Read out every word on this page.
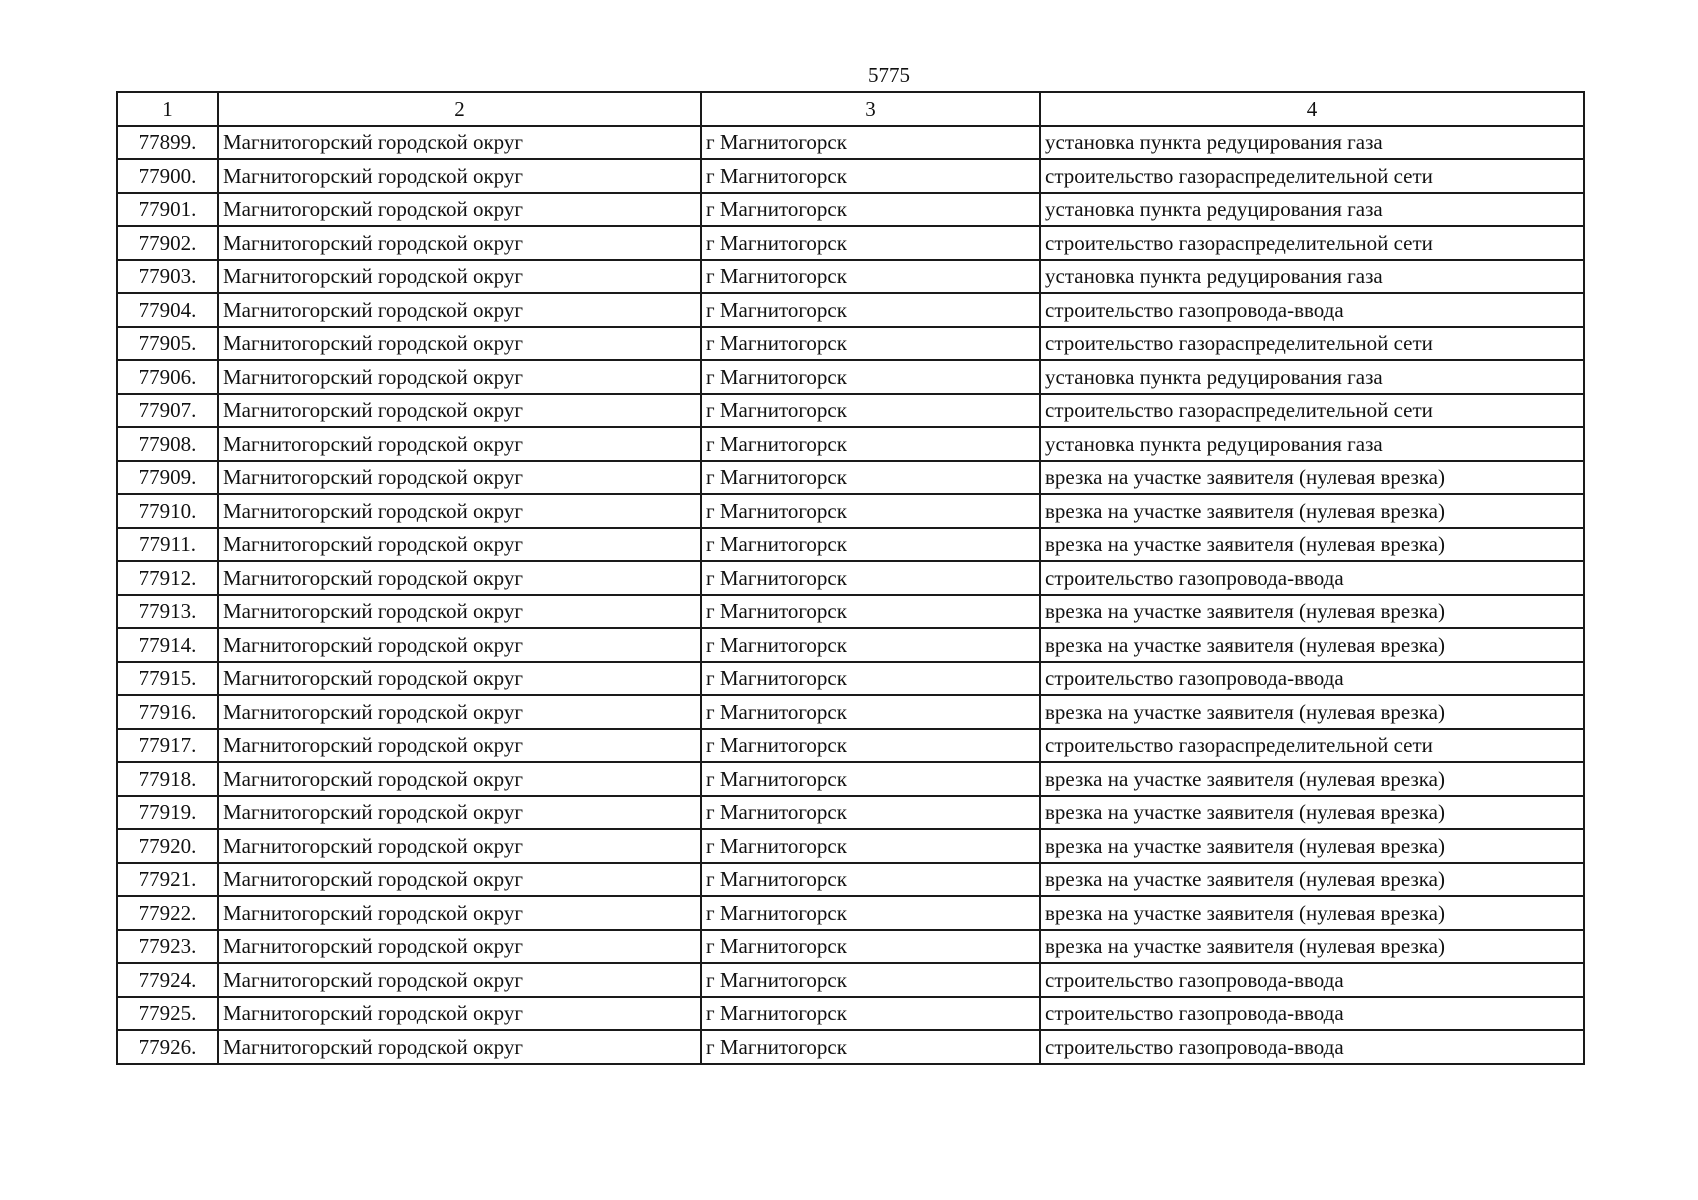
5775
1	2	3	4
77899.	Магнитогорский городской округ	г Магнитогорск	установка пункта редуцирования газа
77900.	Магнитогорский городской округ	г Магнитогорск	строительство газораспределительной сети
77901.	Магнитогорский городской округ	г Магнитогорск	установка пункта редуцирования газа
77902.	Магнитогорский городской округ	г Магнитогорск	строительство газораспределительной сети
77903.	Магнитогорский городской округ	г Магнитогорск	установка пункта редуцирования газа
77904.	Магнитогорский городской округ	г Магнитогорск	строительство газопровода-ввода
77905.	Магнитогорский городской округ	г Магнитогорск	строительство газораспределительной сети
77906.	Магнитогорский городской округ	г Магнитогорск	установка пункта редуцирования газа
77907.	Магнитогорский городской округ	г Магнитогорск	строительство газораспределительной сети
77908.	Магнитогорский городской округ	г Магнитогорск	установка пункта редуцирования газа
77909.	Магнитогорский городской округ	г Магнитогорск	врезка на участке заявителя (нулевая врезка)
77910.	Магнитогорский городской округ	г Магнитогорск	врезка на участке заявителя (нулевая врезка)
77911.	Магнитогорский городской округ	г Магнитогорск	врезка на участке заявителя (нулевая врезка)
77912.	Магнитогорский городской округ	г Магнитогорск	строительство газопровода-ввода
77913.	Магнитогорский городской округ	г Магнитогорск	врезка на участке заявителя (нулевая врезка)
77914.	Магнитогорский городской округ	г Магнитогорск	врезка на участке заявителя (нулевая врезка)
77915.	Магнитогорский городской округ	г Магнитогорск	строительство газопровода-ввода
77916.	Магнитогорский городской округ	г Магнитогорск	врезка на участке заявителя (нулевая врезка)
77917.	Магнитогорский городской округ	г Магнитогорск	строительство газораспределительной сети
77918.	Магнитогорский городской округ	г Магнитогорск	врезка на участке заявителя (нулевая врезка)
77919.	Магнитогорский городской округ	г Магнитогорск	врезка на участке заявителя (нулевая врезка)
77920.	Магнитогорский городской округ	г Магнитогорск	врезка на участке заявителя (нулевая врезка)
77921.	Магнитогорский городской округ	г Магнитогорск	врезка на участке заявителя (нулевая врезка)
77922.	Магнитогорский городской округ	г Магнитогорск	врезка на участке заявителя (нулевая врезка)
77923.	Магнитогорский городской округ	г Магнитогорск	врезка на участке заявителя (нулевая врезка)
77924.	Магнитогорский городской округ	г Магнитогорск	строительство газопровода-ввода
77925.	Магнитогорский городской округ	г Магнитогорск	строительство газопровода-ввода
77926.	Магнитогорский городской округ	г Магнитогорск	строительство газопровода-ввода
